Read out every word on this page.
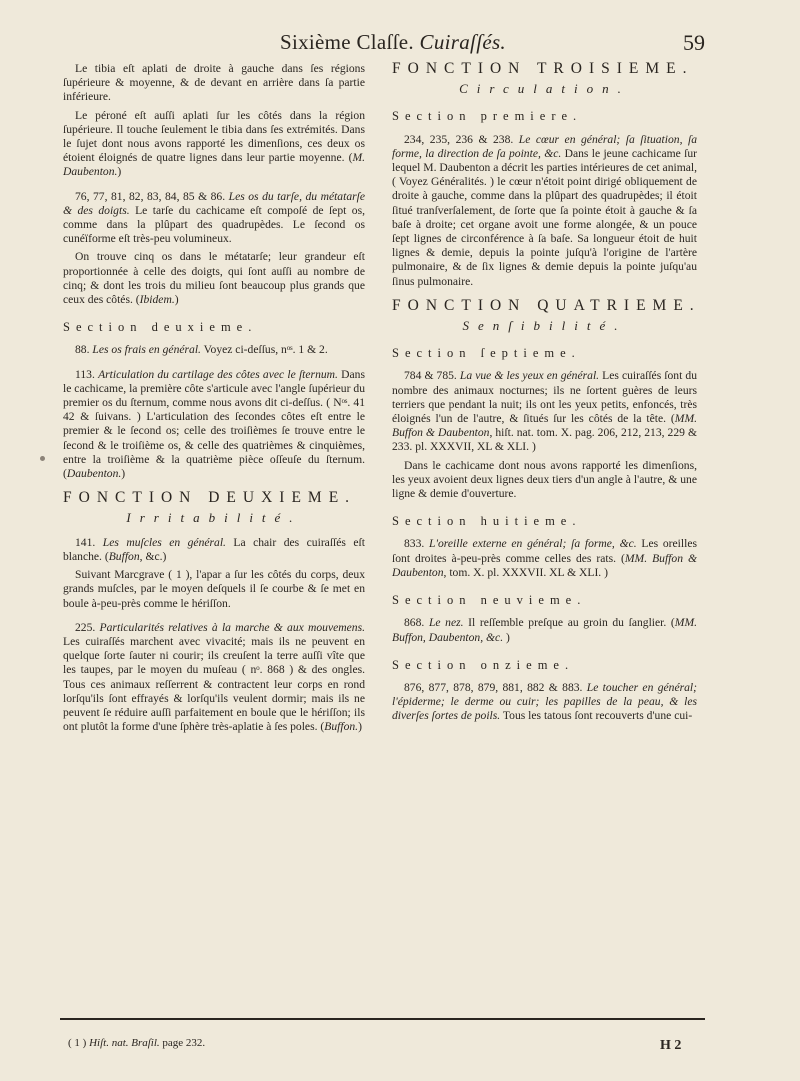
Sixième Claſſe. Cuiraſſés.	59

Le tibia eſt aplati de droite à gauche dans ſes régions ſupérieure & moyenne, & de devant en arrière dans ſa partie inférieure.

Le péroné eſt auſſi aplati ſur les côtés dans la région ſupérieure. Il touche ſeulement le tibia dans ſes extrémités. Dans le ſujet dont nous avons rapporté les dimenſions, ces deux os étoient éloignés de quatre lignes dans leur partie moyenne. (M. Daubenton.)

76, 77, 81, 82, 83, 84, 85 & 86. Les os du tarſe, du métatarſe & des doigts. Le tarſe du cachicame eſt compoſé de ſept os, comme dans la plûpart des quadrupèdes. Le ſecond os cunéïforme eſt très-peu volumineux.

On trouve cinq os dans le métatarſe; leur grandeur eſt proportionnée à celle des doigts, qui ſont auſſi au nombre de cinq; & dont les trois du milieu ſont beaucoup plus grands que ceux des côtés. (Ibidem.)

Section deuxieme.

88. Les os frais en général. Voyez ci-deſſus, nᵒˢ. 1 & 2.

113. Articulation du cartilage des côtes avec le ſternum. Dans le cachicame, la première côte s'articule avec l'angle ſupérieur du premier os du ſternum, comme nous avons dit ci-deſſus. ( Nᵒˢ. 41 42 & ſuivans. ) L'articulation des ſecondes côtes eſt entre le premier & le ſecond os; celle des troiſièmes ſe trouve entre le ſecond & le troiſième os, & celle des quatrièmes & cinquièmes, entre la troiſième & la quatrième pièce oſſeuſe du ſternum. (Daubenton.)

FONCTION DEUXIEME.
Irritabilité.

141. Les muſcles en général. La chair des cuiraſſés eſt blanche. (Buffon, &c.)

Suivant Marcgrave ( 1 ), l'apar a ſur les côtés du corps, deux grands muſcles, par le moyen deſquels il ſe courbe & ſe met en boule à-peu-près comme le hériſſon.

225. Particularités relatives à la marche & aux mouvemens. Les cuiraſſés marchent avec vivacité; mais ils ne peuvent en quelque ſorte ſauter ni courir; ils creuſent la terre auſſi vîte que les taupes, par le moyen du muſeau ( nᵒ. 868 ) & des ongles. Tous ces animaux reſſerrent & contractent leur corps en rond lorſqu'ils ſont effrayés & lorſqu'ils veulent dormir; mais ils ne peuvent ſe réduire auſſi parfaitement en boule que le hériſſon; ils ont plutôt la forme d'une ſphère très-aplatie à ſes poles. (Buffon.)

FONCTION TROISIEME.
Circulation.
Section premiere.

234, 235, 236 & 238. Le cœur en général; ſa ſituation, ſa forme, la direction de ſa pointe, &c. Dans le jeune cachicame ſur lequel M. Daubenton a décrit les parties intérieures de cet animal, ( Voyez Généralités. ) le cœur n'étoit point dirigé obliquement de droite à gauche, comme dans la plûpart des quadrupèdes; il étoit ſitué tranſverſalement, de ſorte que ſa pointe étoit à gauche & ſa baſe à droite; cet organe avoit une forme alongée, & un pouce ſept lignes de circonférence à ſa baſe. Sa longueur étoit de huit lignes & demie, depuis la pointe juſqu'à l'origine de l'artère pulmonaire, & de ſix lignes & demie depuis la pointe juſqu'au ſinus pulmonaire.

FONCTION QUATRIEME.
Senſibilité.
Section ſeptieme.

784 & 785. La vue & les yeux en général. Les cuiraſſés ſont du nombre des animaux nocturnes; ils ne ſortent guères de leurs terriers que pendant la nuit; ils ont les yeux petits, enfoncés, très éloignés l'un de l'autre, & ſitués ſur les côtés de la tête. (MM. Buffon & Daubenton, hiſt. nat. tom. X. pag. 206, 212, 213, 229 & 233. pl. XXXVII, XL & XLI. )

Dans le cachicame dont nous avons rapporté les dimenſions, les yeux avoient deux lignes deux tiers d'un angle à l'autre, & une ligne & demie d'ouverture.

Section huitieme.

833. L'oreille externe en général; ſa forme, &c. Les oreilles ſont droites à-peu-près comme celles des rats. (MM. Buffon & Daubenton, tom. X. pl. XXXVII. XL & XLI. )

Section neuvieme.

868. Le nez. Il reſſemble preſque au groin du ſanglier. (MM. Buffon, Daubenton, &c. )

Section onzieme.

876, 877, 878, 879, 881, 882 & 883. Le toucher en général; l'épiderme; le derme ou cuir; les papilles de la peau, & les diverſes ſortes de poils. Tous les tatous ſont recouverts d'une cui-

( 1 ) Hiſt. nat. Braſil. page 232.	H 2
